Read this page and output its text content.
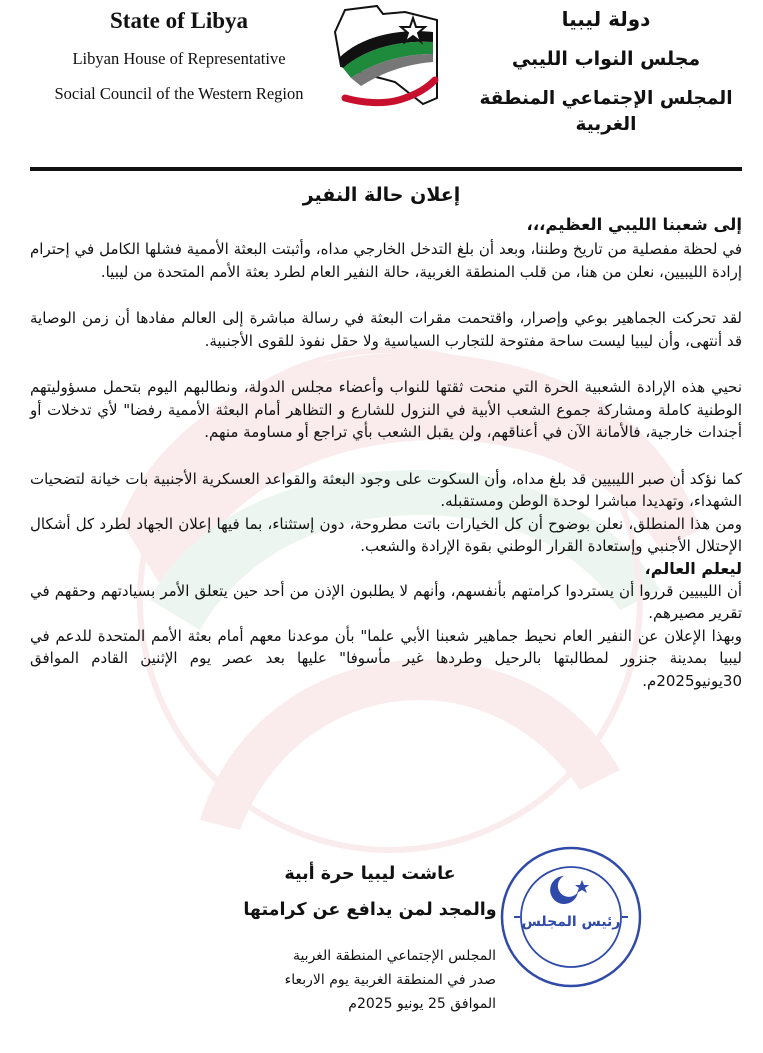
State of Libya
Libyan House of Representative
Social Council of the Western Region
دولة ليبيا
مجلس النواب الليبي
المجلس الإجتماعي المنطقة الغربية
إعلان حالة النفير

إلى شعبنا الليبي العظيم،،،

في لحظة مفصلية من تاريخ وطننا، وبعد أن بلغ التدخل الخارجي مداه، وأثبتت البعثة الأممية فشلها الكامل في إحترام إرادة الليبيين، نعلن من هنا، من قلب المنطقة الغربية، حالة النفير العام لطرد بعثة الأمم المتحدة من ليبيا.

لقد تحركت الجماهير بوعي وإصرار، واقتحمت مقرات البعثة في رسالة مباشرة إلى العالم مفادها أن زمن الوصاية قد أنتهى، وأن ليبيا ليست ساحة مفتوحة للتجارب السياسية ولا حقل نفوذ للقوى الأجنبية.

نحيي هذه الإرادة الشعبية الحرة التي منحت ثقتها للنواب وأعضاء مجلس الدولة، ونطالبهم اليوم بتحمل مسؤوليتهم الوطنية كاملة ومشاركة جموع الشعب الأبية في النزول للشارع و التظاهر أمام البعثة الأممية رفضا" لأي تدخلات أو أجندات خارجية، فالأمانة الآن في أعناقهم، ولن يقبل الشعب بأي تراجع أو مساومة منهم.

كما نؤكد أن صبر الليبيين قد بلغ مداه، وأن السكوت على وجود البعثة والقواعد العسكرية الأجنبية بات خيانة لتضحيات الشهداء، وتهديدا مباشرا لوحدة الوطن ومستقبله.

ومن هذا المنطلق، نعلن بوضوح أن كل الخيارات باتت مطروحة، دون إستثناء، بما فيها إعلان الجهاد لطرد كل أشكال الإحتلال الأجنبي وإستعادة القرار الوطني بقوة الإرادة والشعب.

ليعلم العالم،

أن الليبيين قرروا أن يستردوا كرامتهم بأنفسهم، وأنهم لا يطلبون الإذن من أحد حين يتعلق الأمر بسيادتهم وحقهم في تقرير مصيرهم.

وبهذا الإعلان عن النفير العام نحيط جماهير شعبنا الأبي علما" بأن موعدنا معهم أمام بعثة الأمم المتحدة للدعم في ليبيا بمدينة جنزور لمطالبتها بالرحيل وطردها غير مأسوفا" عليها بعد عصر يوم الإثنين القادم الموافق 30يونيو2025م.

عاشت ليبيا حرة أبية
والمجد لمن يدافع عن كرامتها
رئيس المجلس
المجلس الإجتماعي المنطقة الغربية
صدر في المنطقة الغربية يوم الاربعاء
الموافق 25 يونيو 2025م
